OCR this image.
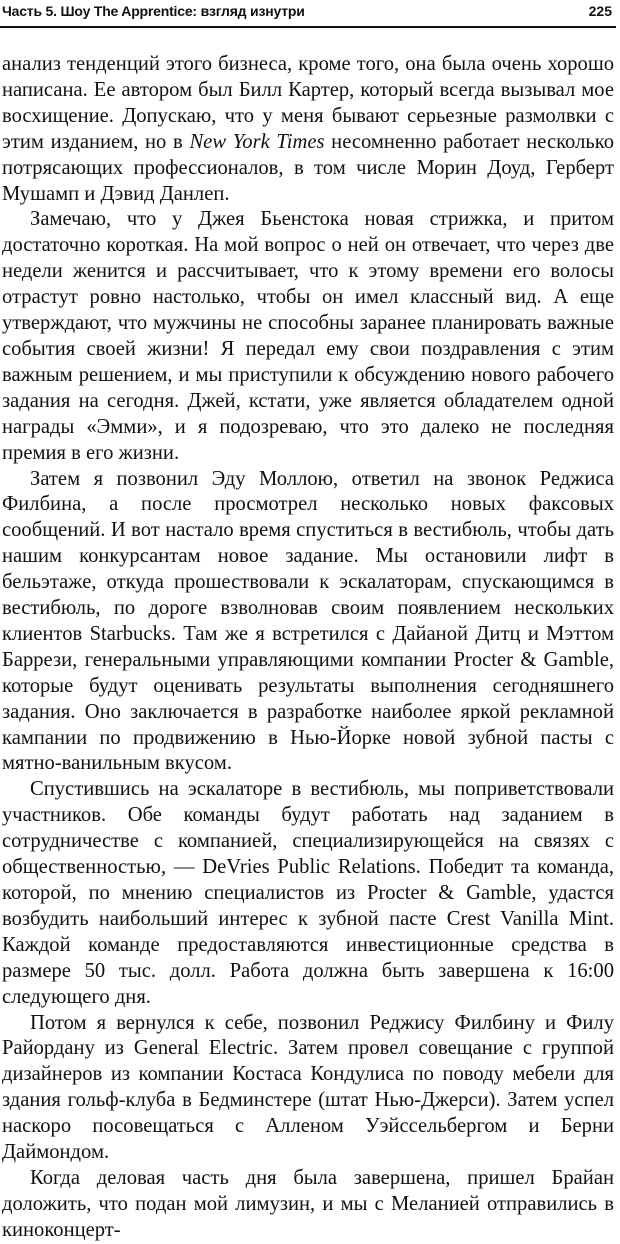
Часть 5. Шоу The Apprentice: взгляд изнутри	225

анализ тенденций этого бизнеса, кроме того, она была очень хорошо написана. Ее автором был Билл Картер, который всегда вызывал мое восхищение. Допускаю, что у меня бывают серьезные размолвки с этим изданием, но в New York Times несомненно работает несколько потрясающих профессионалов, в том числе Морин Доуд, Герберт Мушамп и Дэвид Данлеп.

Замечаю, что у Джея Бьенстока новая стрижка, и притом достаточно короткая. На мой вопрос о ней он отвечает, что через две недели женится и рассчитывает, что к этому времени его волосы отрастут ровно настолько, чтобы он имел классный вид. А еще утверждают, что мужчины не способны заранее планировать важные события своей жизни! Я передал ему свои поздравления с этим важным решением, и мы приступили к обсуждению нового рабочего задания на сегодня. Джей, кстати, уже является обладателем одной награды «Эмми», и я подозреваю, что это далеко не последняя премия в его жизни.

Затем я позвонил Эду Моллою, ответил на звонок Реджиса Филбина, а после просмотрел несколько новых факсовых сообщений. И вот настало время спуститься в вестибюль, чтобы дать нашим конкурсантам новое задание. Мы остановили лифт в бельэтаже, откуда прошествовали к эскалаторам, спускающимся в вестибюль, по дороге взволновав своим появлением нескольких клиентов Starbucks. Там же я встретился с Дайаной Дитц и Мэттом Баррези, генеральными управляющими компании Procter & Gamble, которые будут оценивать результаты выполнения сегодняшнего задания. Оно заключается в разработке наиболее яркой рекламной кампании по продвижению в Нью-Йорке новой зубной пасты с мятно-ванильным вкусом.

Спустившись на эскалаторе в вестибюль, мы поприветствовали участников. Обе команды будут работать над заданием в сотрудничестве с компанией, специализирующейся на связях с общественностью, — DeVries Public Relations. Победит та команда, которой, по мнению специалистов из Procter & Gamble, удастся возбудить наибольший интерес к зубной пасте Crest Vanilla Mint. Каждой команде предоставляются инвестиционные средства в размере 50 тыс. долл. Работа должна быть завершена к 16:00 следующего дня.

Потом я вернулся к себе, позвонил Реджису Филбину и Филу Райордану из General Electric. Затем провел совещание с группой дизайнеров из компании Костаса Кондулиса по поводу мебели для здания гольф-клуба в Бедминстере (штат Нью-Джерси). Затем успел наскоро посовещаться с Алленом Уэйссельбергом и Берни Даймондом.

Когда деловая часть дня была завершена, пришел Брайан доложить, что подан мой лимузин, и мы с Меланией отправились в киноконцерт-
